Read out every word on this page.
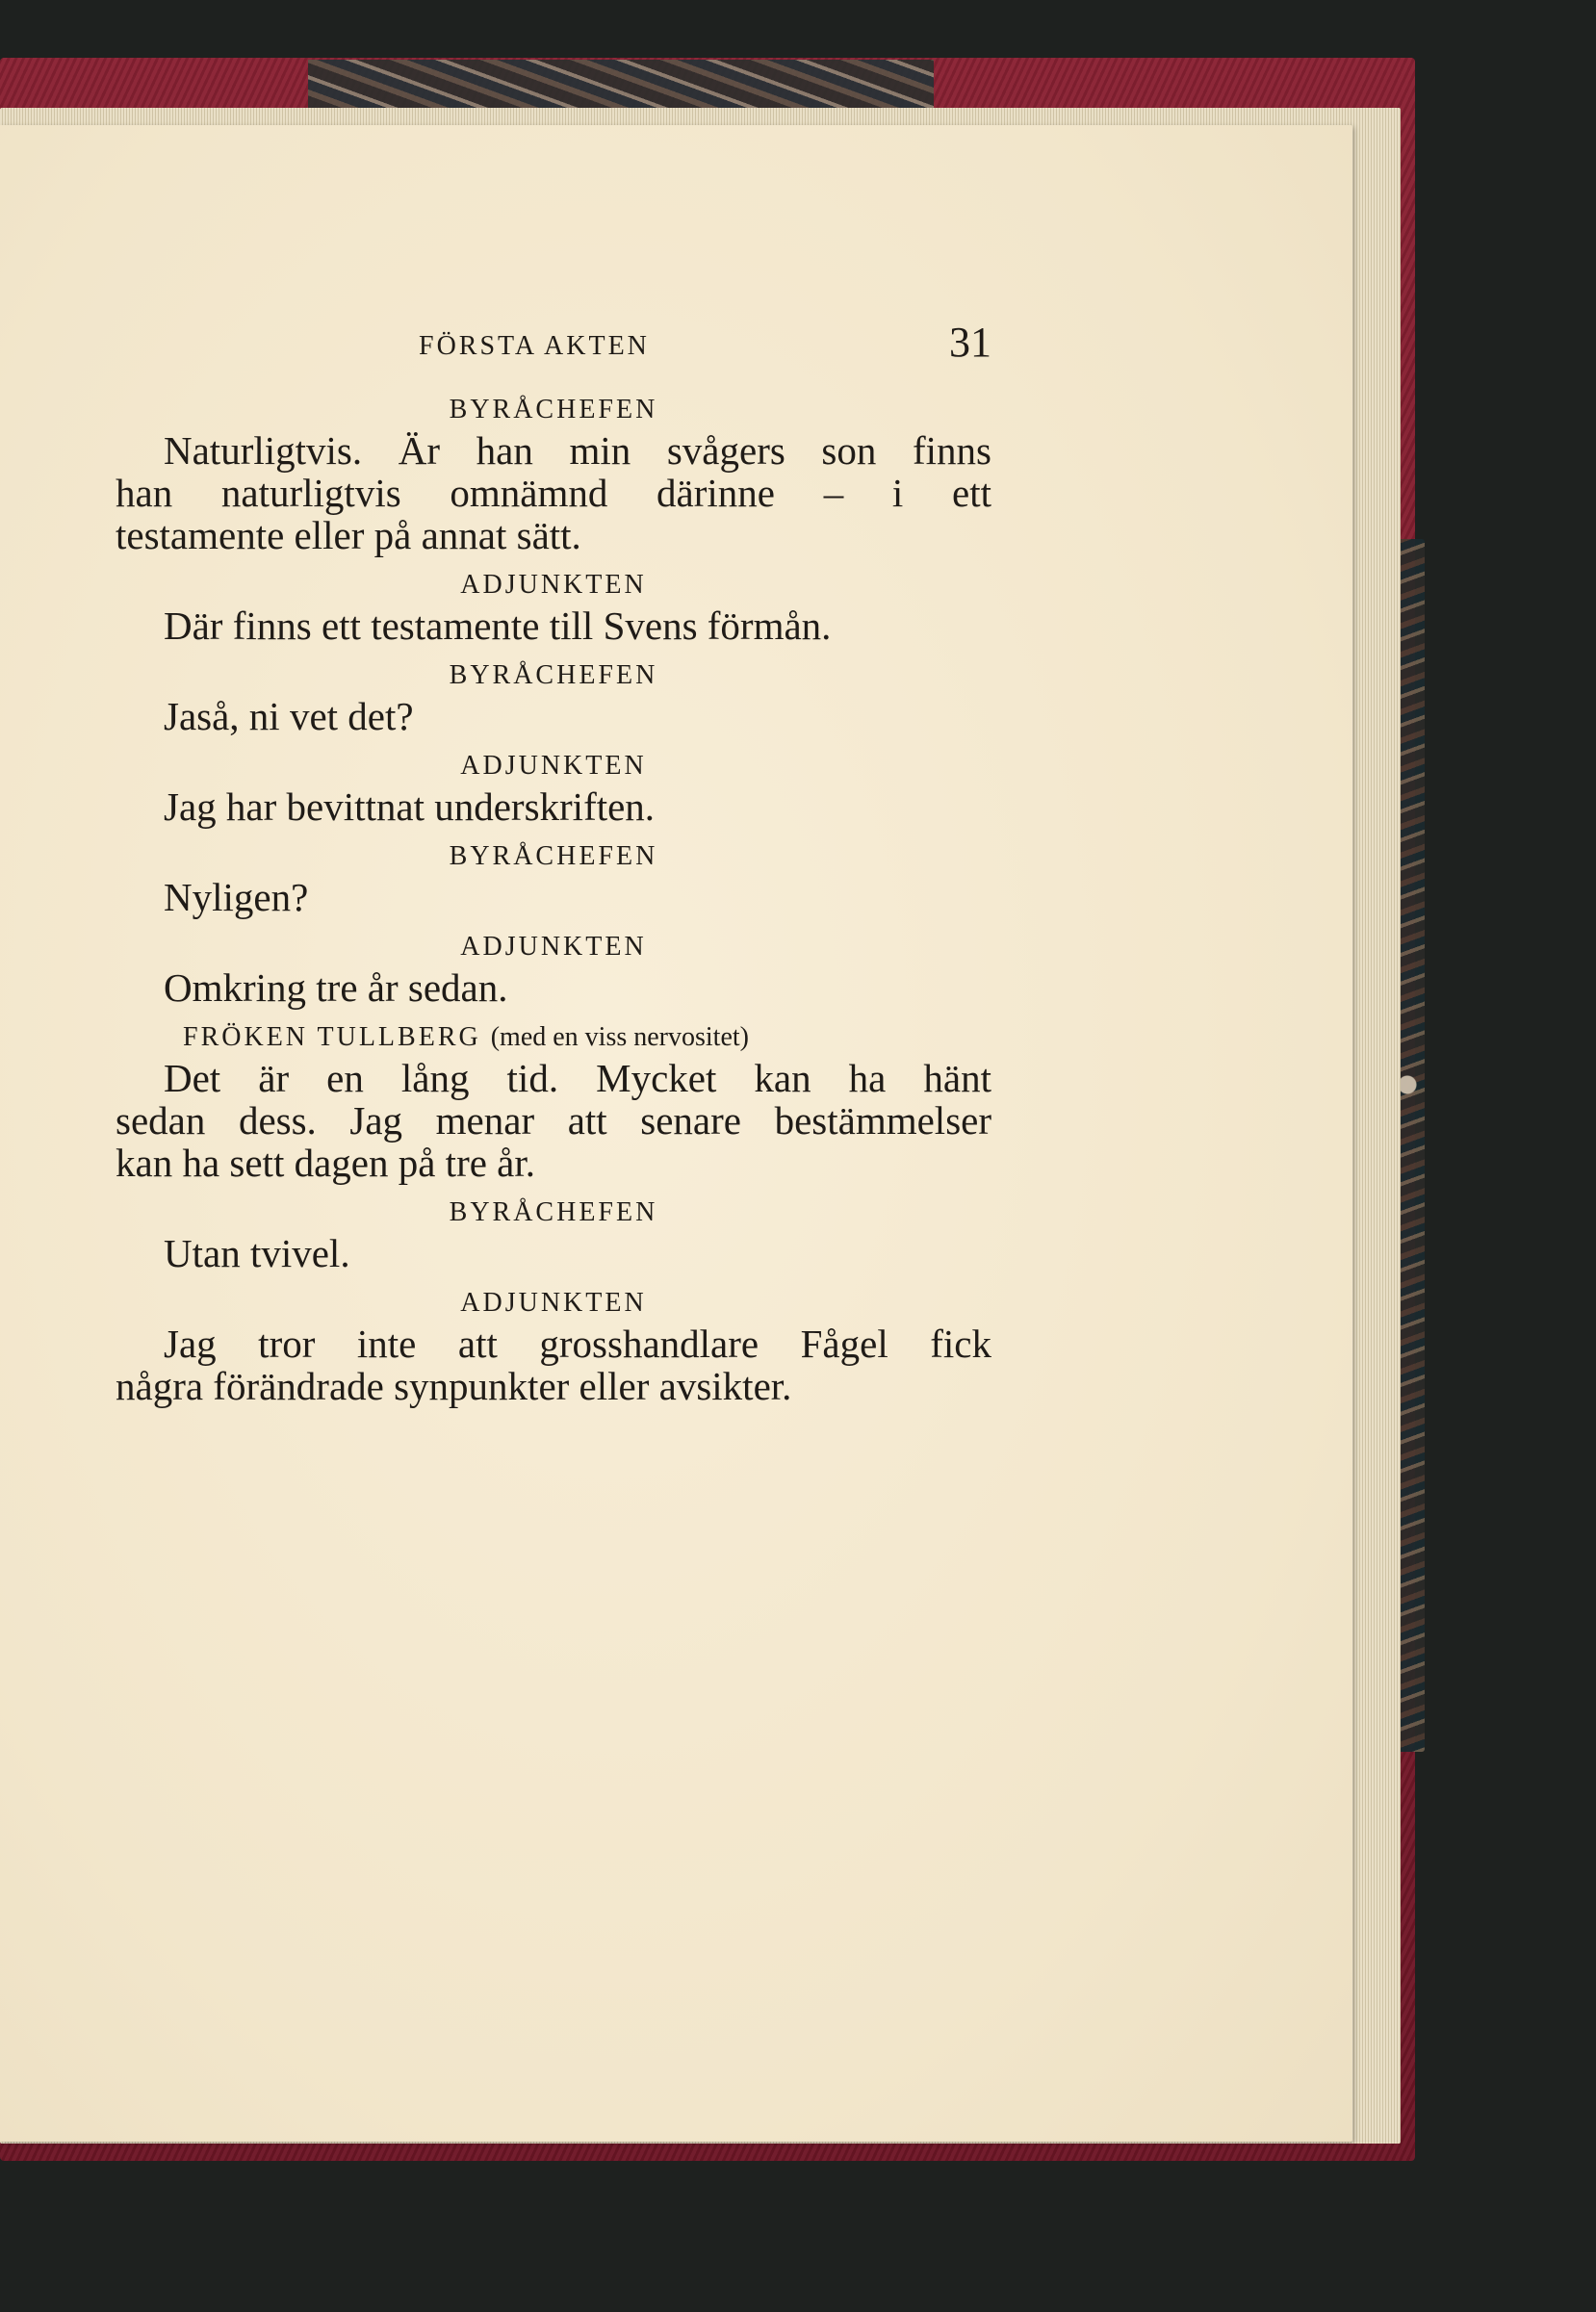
FÖRSTA AKTEN	31
BYRÅCHEFEN
Naturligtvis. Är han min svågers son finns
han naturligtvis omnämnd därinne – i ett
testamente eller på annat sätt.
ADJUNKTEN
Där finns ett testamente till Svens förmån.
BYRÅCHEFEN
Jaså, ni vet det?
ADJUNKTEN
Jag har bevittnat underskriften.
BYRÅCHEFEN
Nyligen?
ADJUNKTEN
Omkring tre år sedan.
FRÖKEN TULLBERG (med en viss nervositet)
Det är en lång tid. Mycket kan ha hänt
sedan dess. Jag menar att senare bestämmelser
kan ha sett dagen på tre år.
BYRÅCHEFEN
Utan tvivel.
ADJUNKTEN
Jag tror inte att grosshandlare Fågel fick
några förändrade synpunkter eller avsikter.
